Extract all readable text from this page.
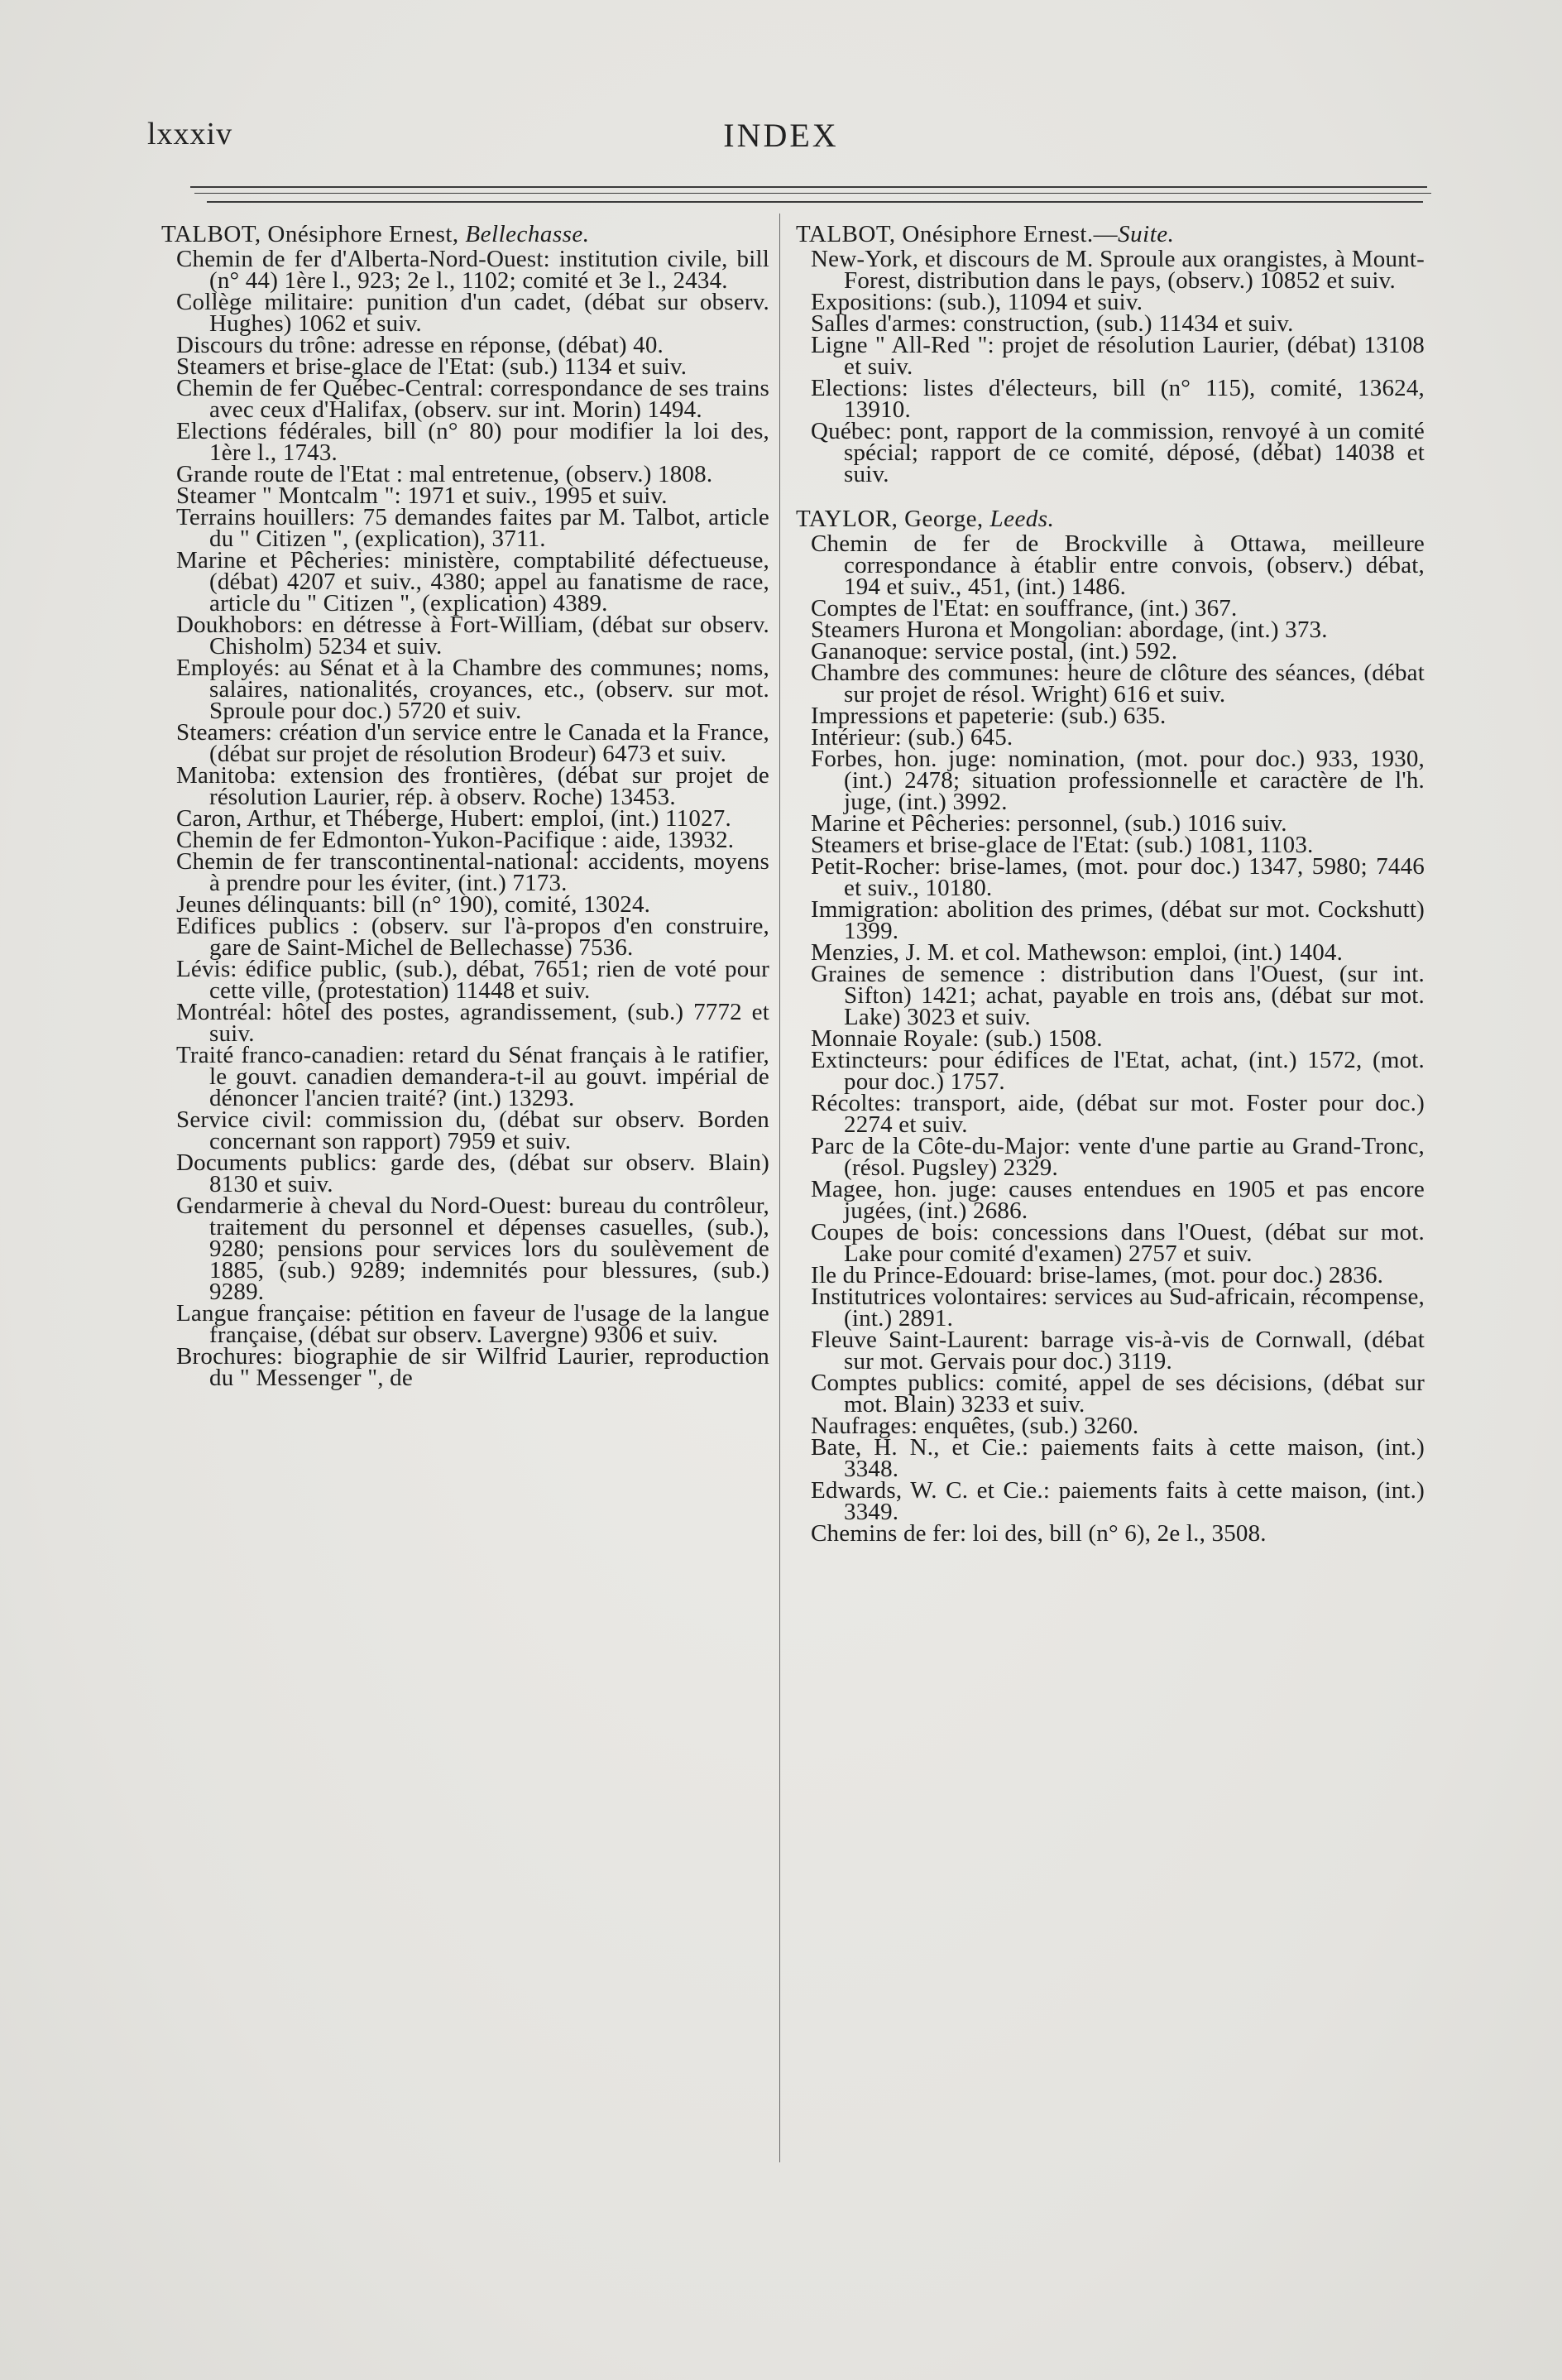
lxxxiv	INDEX

TALBOT, Onésiphore Ernest, Bellechasse.

Chemin de fer d'Alberta-Nord-Ouest: institution civile, bill (n° 44) 1ère l., 923; 2e l., 1102; comité et 3e l., 2434.

Collège militaire: punition d'un cadet, (débat sur observ. Hughes) 1062 et suiv.

Discours du trône: adresse en réponse, (débat) 40.

Steamers et brise-glace de l'Etat: (sub.) 1134 et suiv.

Chemin de fer Québec-Central: correspondance de ses trains avec ceux d'Halifax, (observ. sur int. Morin) 1494.

Elections fédérales, bill (n° 80) pour modifier la loi des, 1ère l., 1743.

Grande route de l'Etat : mal entretenue, (observ.) 1808.

Steamer " Montcalm ": 1971 et suiv., 1995 et suiv.

Terrains houillers: 75 demandes faites par M. Talbot, article du " Citizen ", (explication), 3711.

Marine et Pêcheries: ministère, comptabilité défectueuse, (débat) 4207 et suiv., 4380; appel au fanatisme de race, article du " Citizen ", (explication) 4389.

Doukhobors: en détresse à Fort-William, (débat sur observ. Chisholm) 5234 et suiv.

Employés: au Sénat et à la Chambre des communes; noms, salaires, nationalités, croyances, etc., (observ. sur mot. Sproule pour doc.) 5720 et suiv.

Steamers: création d'un service entre le Canada et la France, (débat sur projet de résolution Brodeur) 6473 et suiv.

Manitoba: extension des frontières, (débat sur projet de résolution Laurier, rép. à observ. Roche) 13453.

Caron, Arthur, et Théberge, Hubert: emploi, (int.) 11027.

Chemin de fer Edmonton-Yukon-Pacifique : aide, 13932.

Chemin de fer transcontinental-national: accidents, moyens à prendre pour les éviter, (int.) 7173.

Jeunes délinquants: bill (n° 190), comité, 13024.

Edifices publics : (observ. sur l'à-propos d'en construire, gare de Saint-Michel de Bellechasse) 7536.

Lévis: édifice public, (sub.), débat, 7651; rien de voté pour cette ville, (protestation) 11448 et suiv.

Montréal: hôtel des postes, agrandissement, (sub.) 7772 et suiv.

Traité franco-canadien: retard du Sénat français à le ratifier, le gouvt. canadien demandera-t-il au gouvt. impérial de dénoncer l'ancien traité? (int.) 13293.

Service civil: commission du, (débat sur observ. Borden concernant son rapport) 7959 et suiv.

Documents publics: garde des, (débat sur observ. Blain) 8130 et suiv.

Gendarmerie à cheval du Nord-Ouest: bureau du contrôleur, traitement du personnel et dépenses casuelles, (sub.), 9280; pensions pour services lors du soulèvement de 1885, (sub.) 9289; indemnités pour blessures, (sub.) 9289.

Langue française: pétition en faveur de l'usage de la langue française, (débat sur observ. Lavergne) 9306 et suiv.

Brochures: biographie de sir Wilfrid Laurier, reproduction du " Messenger ", de

TALBOT, Onésiphore Ernest.—Suite.

New-York, et discours de M. Sproule aux orangistes, à Mount-Forest, distribution dans le pays, (observ.) 10852 et suiv.

Expositions: (sub.), 11094 et suiv.

Salles d'armes: construction, (sub.) 11434 et suiv.

Ligne " All-Red ": projet de résolution Laurier, (débat) 13108 et suiv.

Elections: listes d'électeurs, bill (n° 115), comité, 13624, 13910.

Québec: pont, rapport de la commission, renvoyé à un comité spécial; rapport de ce comité, déposé, (débat) 14038 et suiv.

TAYLOR, George, Leeds.

Chemin de fer de Brockville à Ottawa, meilleure correspondance à établir entre convois, (observ.) débat, 194 et suiv., 451, (int.) 1486.

Comptes de l'Etat: en souffrance, (int.) 367.

Steamers Hurona et Mongolian: abordage, (int.) 373.

Gananoque: service postal, (int.) 592.

Chambre des communes: heure de clôture des séances, (débat sur projet de résol. Wright) 616 et suiv.

Impressions et papeterie: (sub.) 635.

Intérieur: (sub.) 645.

Forbes, hon. juge: nomination, (mot. pour doc.) 933, 1930, (int.) 2478; situation professionnelle et caractère de l'h. juge, (int.) 3992.

Marine et Pêcheries: personnel, (sub.) 1016 suiv.

Steamers et brise-glace de l'Etat: (sub.) 1081, 1103.

Petit-Rocher: brise-lames, (mot. pour doc.) 1347, 5980; 7446 et suiv., 10180.

Immigration: abolition des primes, (débat sur mot. Cockshutt) 1399.

Menzies, J. M. et col. Mathewson: emploi, (int.) 1404.

Graines de semence : distribution dans l'Ouest, (sur int. Sifton) 1421; achat, payable en trois ans, (débat sur mot. Lake) 3023 et suiv.

Monnaie Royale: (sub.) 1508.

Extincteurs: pour édifices de l'Etat, achat, (int.) 1572, (mot. pour doc.) 1757.

Récoltes: transport, aide, (débat sur mot. Foster pour doc.) 2274 et suiv.

Parc de la Côte-du-Major: vente d'une partie au Grand-Tronc, (résol. Pugsley) 2329.

Magee, hon. juge: causes entendues en 1905 et pas encore jugées, (int.) 2686.

Coupes de bois: concessions dans l'Ouest, (débat sur mot. Lake pour comité d'examen) 2757 et suiv.

Ile du Prince-Edouard: brise-lames, (mot. pour doc.) 2836.

Institutrices volontaires: services au Sud-africain, récompense, (int.) 2891.

Fleuve Saint-Laurent: barrage vis-à-vis de Cornwall, (débat sur mot. Gervais pour doc.) 3119.

Comptes publics: comité, appel de ses décisions, (débat sur mot. Blain) 3233 et suiv.

Naufrages: enquêtes, (sub.) 3260.

Bate, H. N., et Cie.: paiements faits à cette maison, (int.) 3348.

Edwards, W. C. et Cie.: paiements faits à cette maison, (int.) 3349.

Chemins de fer: loi des, bill (n° 6), 2e l., 3508.
